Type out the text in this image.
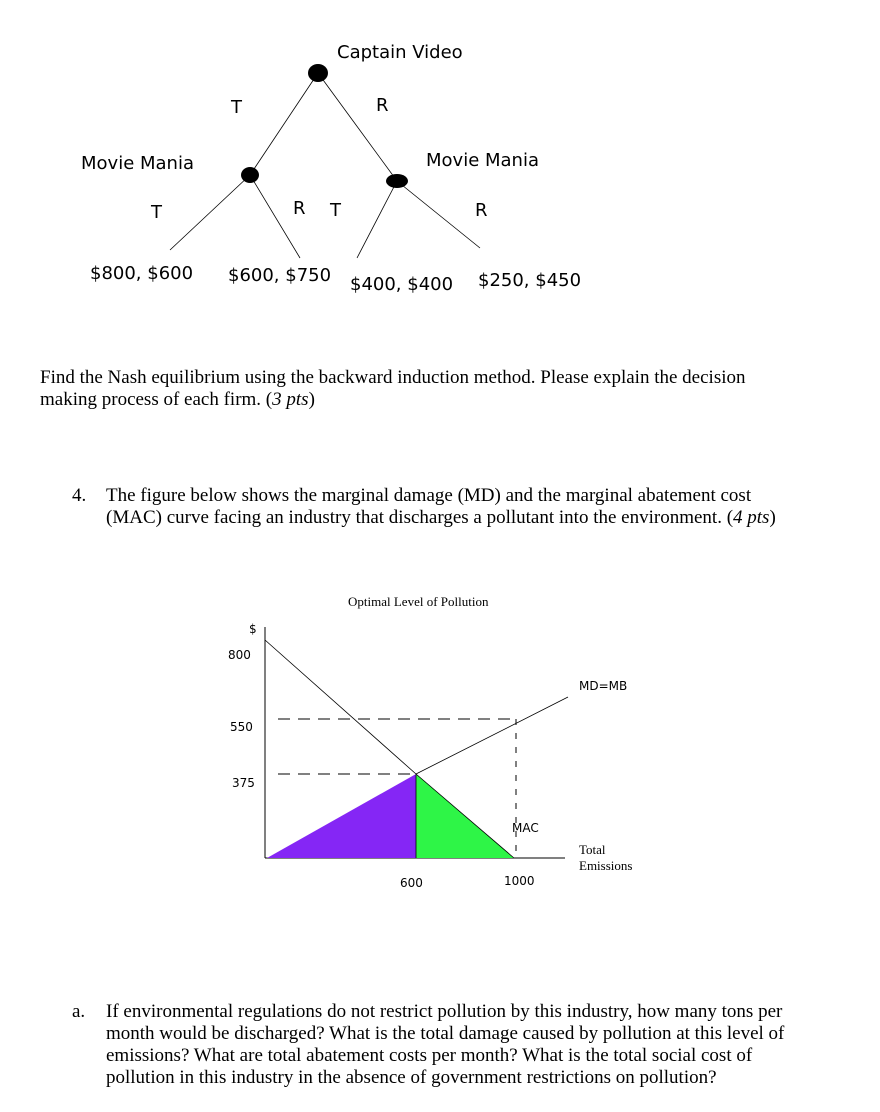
Captain Video
T	R
Movie Mania	Movie Mania
T	R T	R
$800, $600 $600, $750 $400, $400 $250, $450
Find the Nash equilibrium using the backward induction method. Please explain the decision
making process of each firm. (3 pts)
4. The figure below shows the marginal damage (MD) and the marginal abatement cost
(MAC) curve facing an industry that discharges a pollutant into the environment. (4 pts)
Optimal Level of Pollution
$
800
550
375
600	1000
MD=MB
MAC
Total
Emissions
a. If environmental regulations do not restrict pollution by this industry, how many tons per
month would be discharged? What is the total damage caused by pollution at this level of
emissions? What are total abatement costs per month? What is the total social cost of
pollution in this industry in the absence of government restrictions on pollution?
